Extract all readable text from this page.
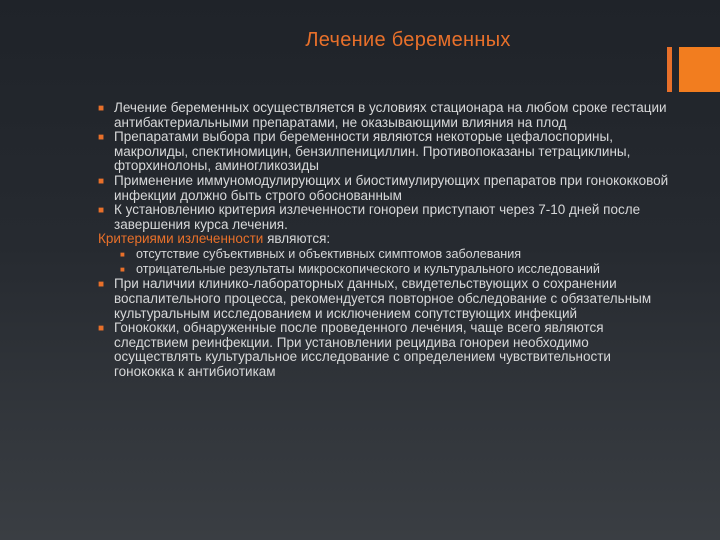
Лечение беременных

■ Лечение беременных осуществляется в условиях стационара на любом сроке гестации антибактериальными препаратами, не оказывающими влияния на плод

■ Препаратами выбора при беременности являются некоторые цефалоспорины, макролиды, спектиномицин, бензилпенициллин. Противопоказаны тетрациклины, фторхинолоны, аминогликозиды

■ Применение иммуномодулирующих и биостимулирующих препаратов при гонококковой инфекции должно быть строго обоснованным

■ К установлению критерия излеченности гонореи приступают через 7-10 дней после завершения курса лечения.

Критериями излеченности являются:

■ отсутствие субъективных и объективных симптомов заболевания

■ отрицательные результаты микроскопического и культурального исследований

■ При наличии клинико-лабораторных данных, свидетельствующих о сохранении воспалительного процесса, рекомендуется повторное обследование с обязательным культуральным исследованием и исключением сопутствующих инфекций

■ Гонококки, обнаруженные после проведенного лечения, чаще всего являются следствием реинфекции. При установлении рецидива гонореи необходимо осуществлять культуральное исследование с определением чувствительности гонококка к антибиотикам
